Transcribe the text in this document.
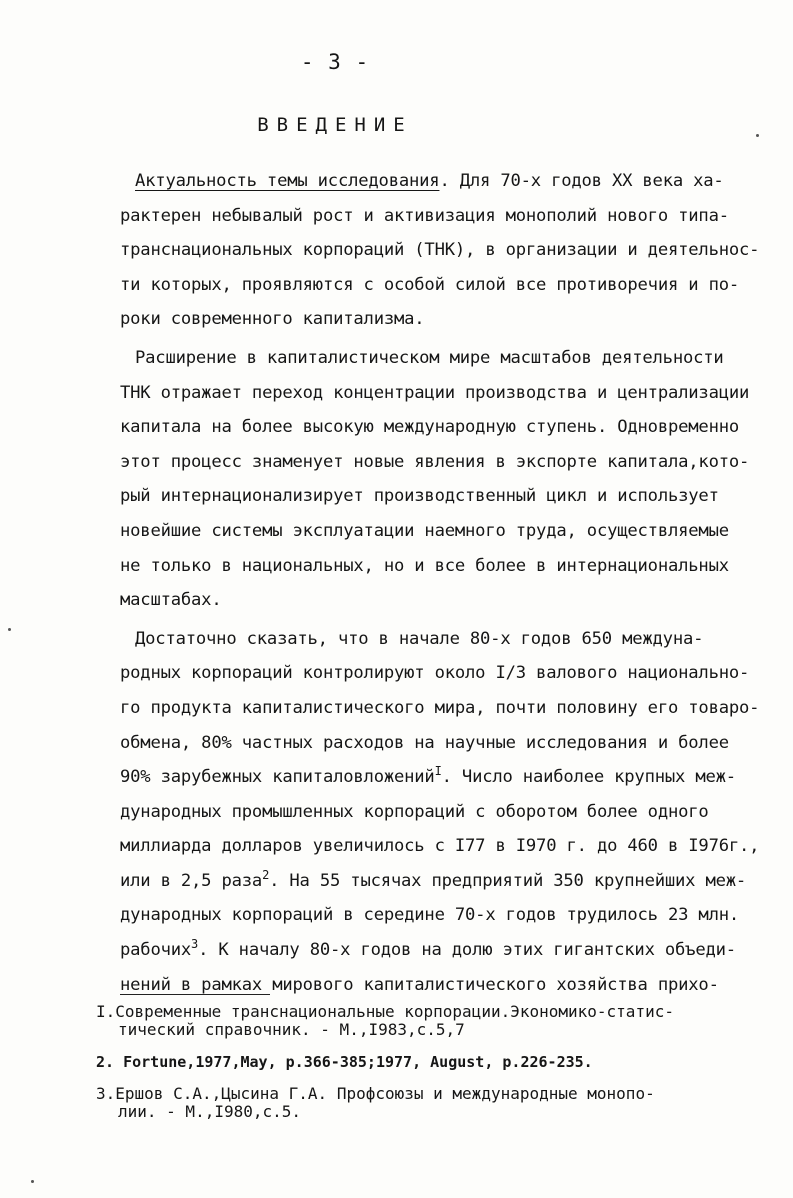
- 3 -
ВВЕДЕНИЕ

Актуальность темы исследования. Для 70-х годов XX века ха-

рактерен небывалый рост и активизация монополий нового типа-

транснациональных корпораций (ТНК), в организации и деятельнос-

ти которых, проявляются с особой силой все противоречия и по-

роки современного капитализма.

Расширение в капиталистическом мире масштабов деятельности

ТНК отражает переход концентрации производства и централизации

капитала на более высокую международную ступень. Одновременно

этот процесс знаменует новые явления в экспорте капитала,кото-

рый интернационализирует производственный цикл и использует

новейшие системы эксплуатации наемного труда, осуществляемые

не только в национальных, но и все более в интернациональных

масштабах.

Достаточно сказать, что в начале 80-х годов 650 междуна-

родных корпораций контролируют около I/3 валового национально-

го продукта капиталистического мира, почти половину его товаро-

обмена, 80% частных расходов на научные исследования и более

90% зарубежных капиталовложений$^I$. Число наиболее крупных меж-

дународных промышленных корпораций с оборотом более одного

миллиарда долларов увеличилось с I77 в I970 г. до 460 в I976г.,

или в 2,5 раза$^2$. На 55 тысячах предприятий 350 крупнейших меж-

дународных корпораций в середине 70-х годов трудилось 23 млн.

рабочих$^3$. К началу 80-х годов на долю этих гигантских объеди-

нений в рамках мирового капиталистического хозяйства прихо-

I.Современные транснациональные корпорации.Экономико-статис-
тический справочник. - М.,I983,с.5,7
2. Fortune,1977,May, p.366-385;1977, August, p.226-235.
3.Ершов С.А.,Цысина Г.А. Профсоюзы и международные монопо-
лии. - М.,I980,с.5.
